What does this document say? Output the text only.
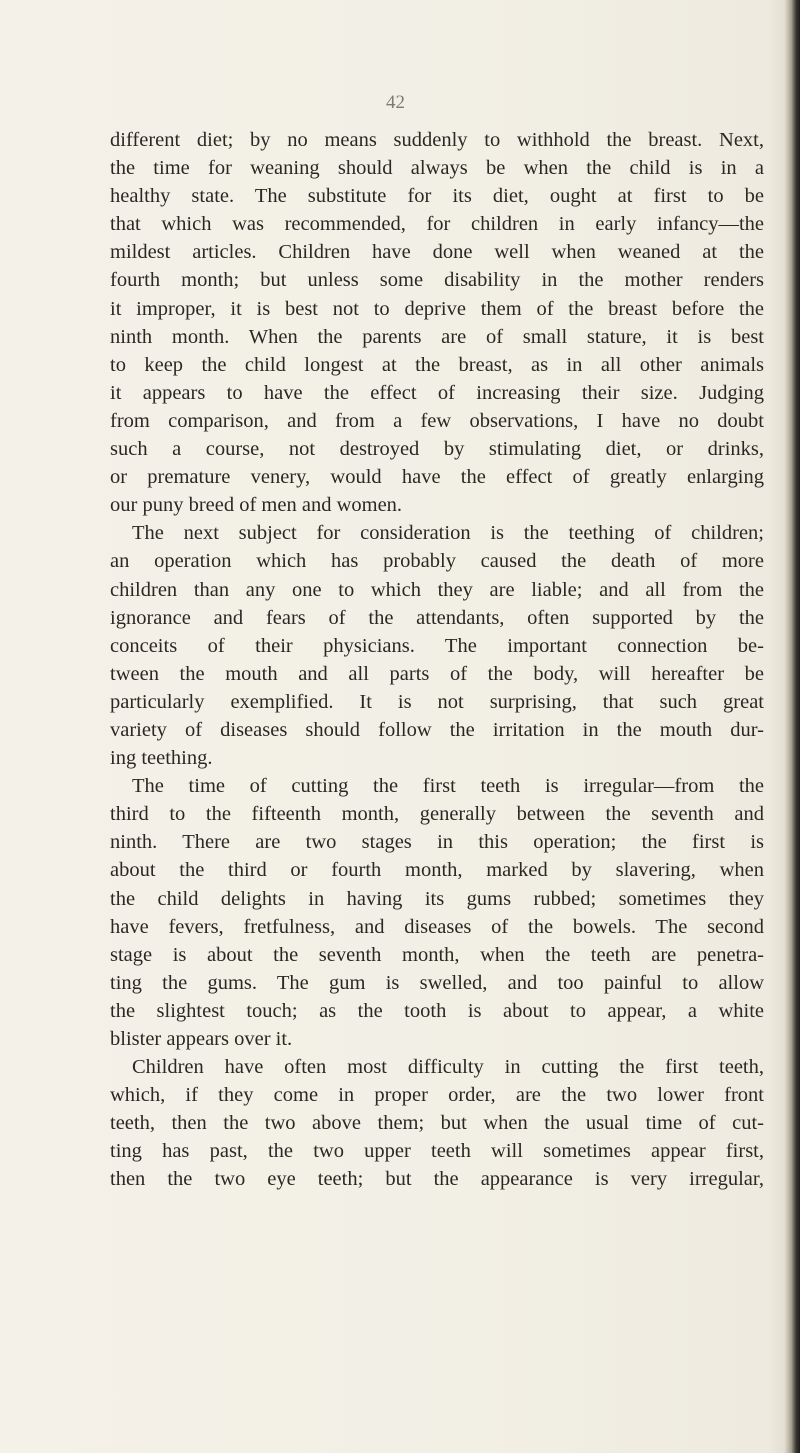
42
different diet; by no means suddenly to withhold the breast. Next,
the time for weaning should always be when the child is in a
healthy state. The substitute for its diet, ought at first to be
that which was recommended, for children in early infancy—the
mildest articles. Children have done well when weaned at the
fourth month; but unless some disability in the mother renders
it improper, it is best not to deprive them of the breast before the
ninth month. When the parents are of small stature, it is best
to keep the child longest at the breast, as in all other animals
it appears to have the effect of increasing their size. Judging
from comparison, and from a few observations, I have no doubt
such a course, not destroyed by stimulating diet, or drinks,
or premature venery, would have the effect of greatly enlarging
our puny breed of men and women.
The next subject for consideration is the teething of children;
an operation which has probably caused the death of more
children than any one to which they are liable; and all from the
ignorance and fears of the attendants, often supported by the
conceits of their physicians. The important connection be-
tween the mouth and all parts of the body, will hereafter be
particularly exemplified. It is not surprising, that such great
variety of diseases should follow the irritation in the mouth dur-
ing teething.
The time of cutting the first teeth is irregular—from the
third to the fifteenth month, generally between the seventh and
ninth. There are two stages in this operation; the first is
about the third or fourth month, marked by slavering, when
the child delights in having its gums rubbed; sometimes they
have fevers, fretfulness, and diseases of the bowels. The second
stage is about the seventh month, when the teeth are penetra-
ting the gums. The gum is swelled, and too painful to allow
the slightest touch; as the tooth is about to appear, a white
blister appears over it.
Children have often most difficulty in cutting the first teeth,
which, if they come in proper order, are the two lower front
teeth, then the two above them; but when the usual time of cut-
ting has past, the two upper teeth will sometimes appear first,
then the two eye teeth; but the appearance is very irregular,
